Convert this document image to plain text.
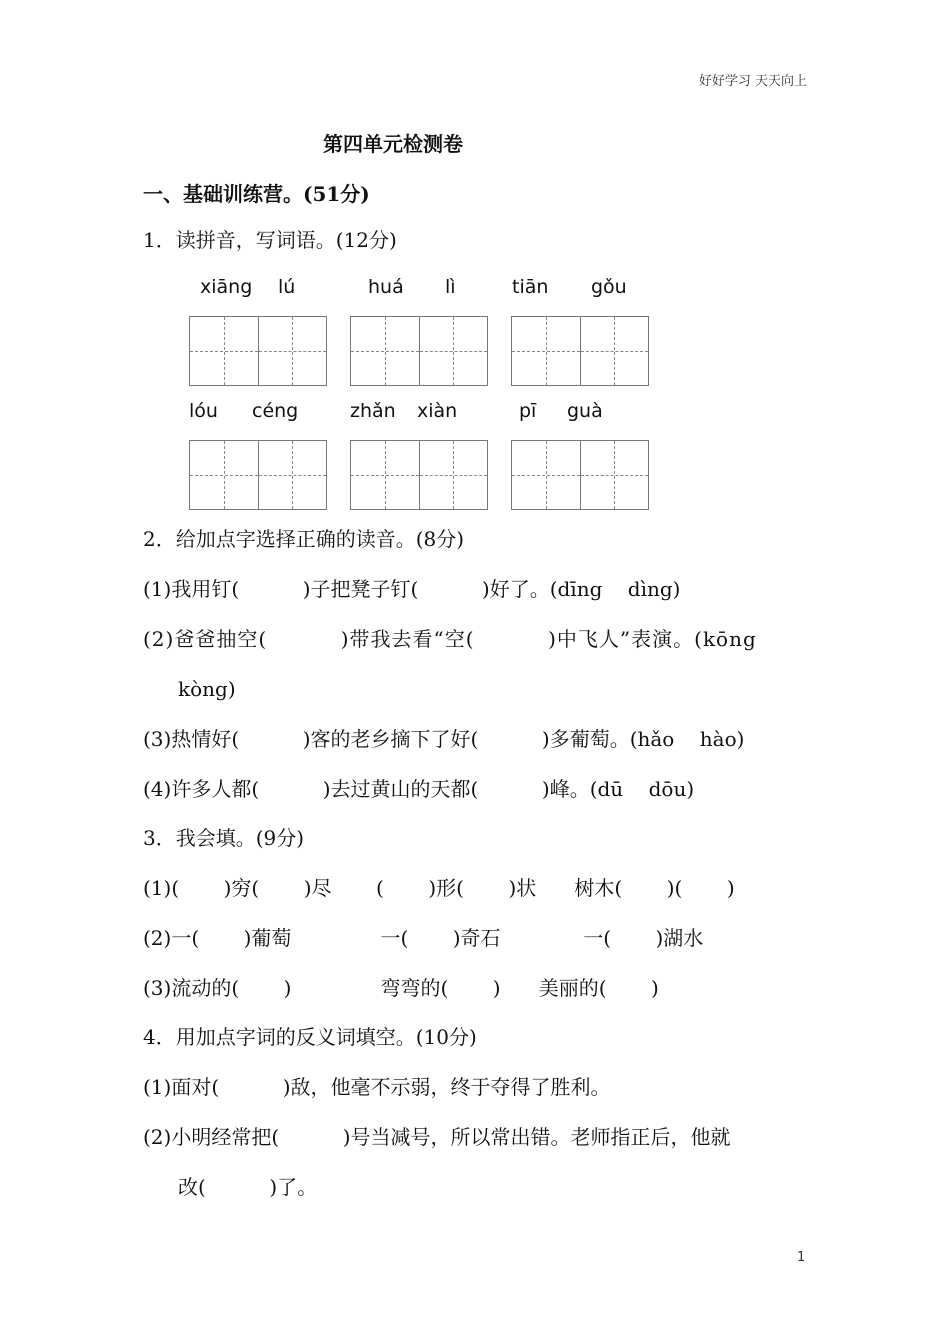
好好学习 天天向上
第四单元检测卷
一、基础训练营。(51分)
1．读拼音，写词语。(12分)
xiāng lú	huá lì	tiān gǒu
lóu céng	zhǎn xiàn	pī guà
2．给加点字选择正确的读音。(8分)
(1)我用钉(          )子把凳子钉(          )好了。(dīng    dìng)
(2)爸爸抽空(          )带我去看“空(          )中飞人”表演。(kōng
kòng)
(3)热情好(          )客的老乡摘下了好(          )多葡萄。(hǎo    hào)
(4)许多人都(          )去过黄山的天都(          )峰。(dū    dōu)
3．我会填。(9分)
(1)(       )穷(       )尽       (       )形(       )状      树木(       )(       )
(2)一(       )葡萄              一(       )奇石             一(       )湖水
(3)流动的(       )              弯弯的(       )      美丽的(       )
4．用加点字词的反义词填空。(10分)
(1)面对(          )敌，他毫不示弱，终于夺得了胜利。
(2)小明经常把(          )号当减号，所以常出错。老师指正后，他就
改(          )了。
1
